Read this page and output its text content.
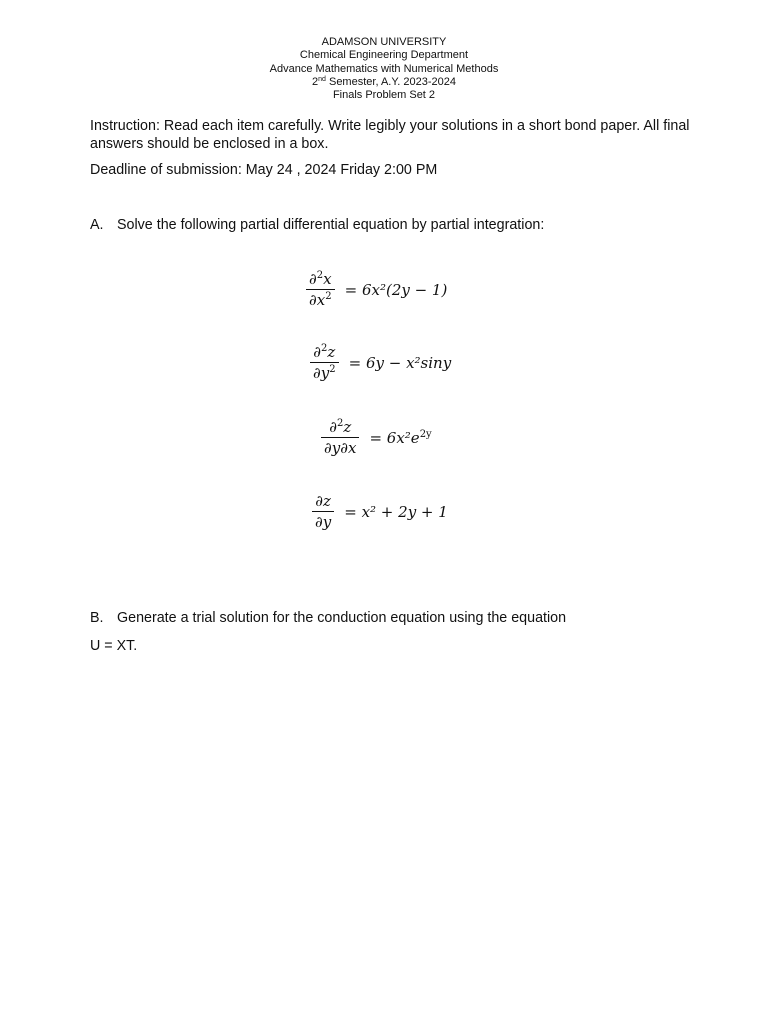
ADAMSON UNIVERSITY
Chemical Engineering Department
Advance Mathematics with Numerical Methods
2nd Semester, A.Y. 2023-2024
Finals Problem Set 2
Instruction: Read each item carefully. Write legibly your solutions in a short bond paper. All final answers should be enclosed in a box.
Deadline of submission: May 24 , 2024 Friday 2:00 PM
A. Solve the following partial differential equation by partial integration:
$\frac{\partial^2x}{\partial x^2} = 6x^2(2y - 1)$
$\frac{\partial^2z}{\partial y^2} = 6y - x^2\sin y$
$\frac{\partial^2z}{\partial y\partial x} = 6x^2e^{2y}$
$\frac{\partial z}{\partial y} = x^2 + 2y + 1$
B. Generate a trial solution for the conduction equation using the equation
U = XT.
